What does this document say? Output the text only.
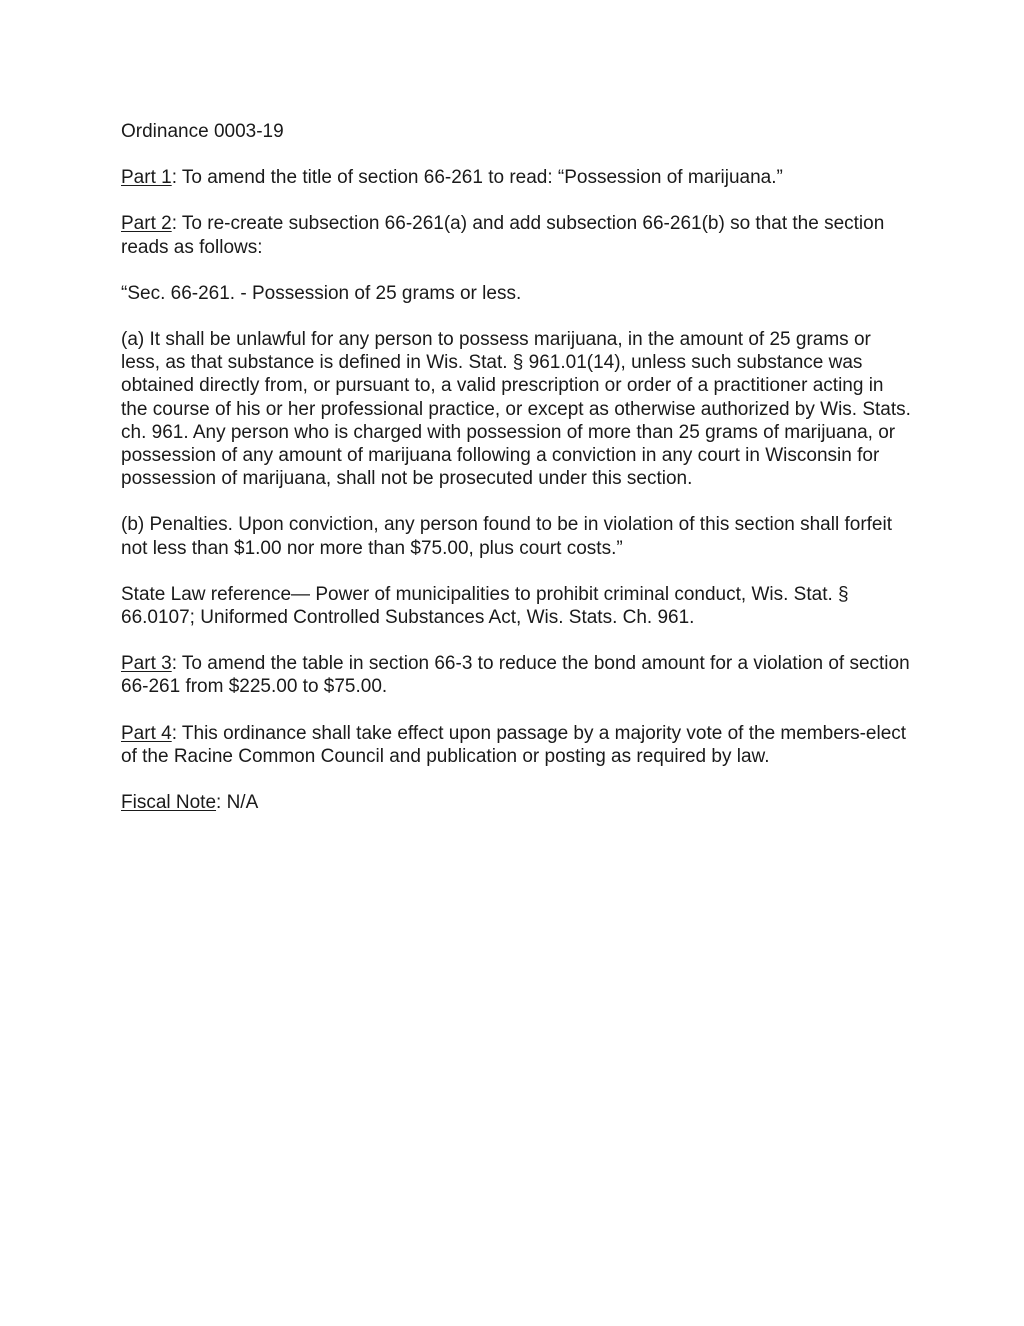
Ordinance 0003-19

Part 1: To amend the title of section 66-261 to read: “Possession of marijuana.”

Part 2: To re-create subsection 66-261(a) and add subsection 66-261(b) so that the section reads as follows:

“Sec. 66-261. - Possession of 25 grams or less.

(a) It shall be unlawful for any person to possess marijuana, in the amount of 25 grams or less, as that substance is defined in Wis. Stat. § 961.01(14), unless such substance was obtained directly from, or pursuant to, a valid prescription or order of a practitioner acting in the course of his or her professional practice, or except as otherwise authorized by Wis. Stats. ch. 961. Any person who is charged with possession of more than 25 grams of marijuana, or possession of any amount of marijuana following a conviction in any court in Wisconsin for possession of marijuana, shall not be prosecuted under this section.

(b) Penalties. Upon conviction, any person found to be in violation of this section shall forfeit not less than $1.00 nor more than $75.00, plus court costs.”

State Law reference— Power of municipalities to prohibit criminal conduct, Wis. Stat. § 66.0107; Uniformed Controlled Substances Act, Wis. Stats. Ch. 961.

Part 3: To amend the table in section 66-3 to reduce the bond amount for a violation of section 66-261 from $225.00 to $75.00.

Part 4: This ordinance shall take effect upon passage by a majority vote of the members-elect of the Racine Common Council and publication or posting as required by law.

Fiscal Note: N/A
